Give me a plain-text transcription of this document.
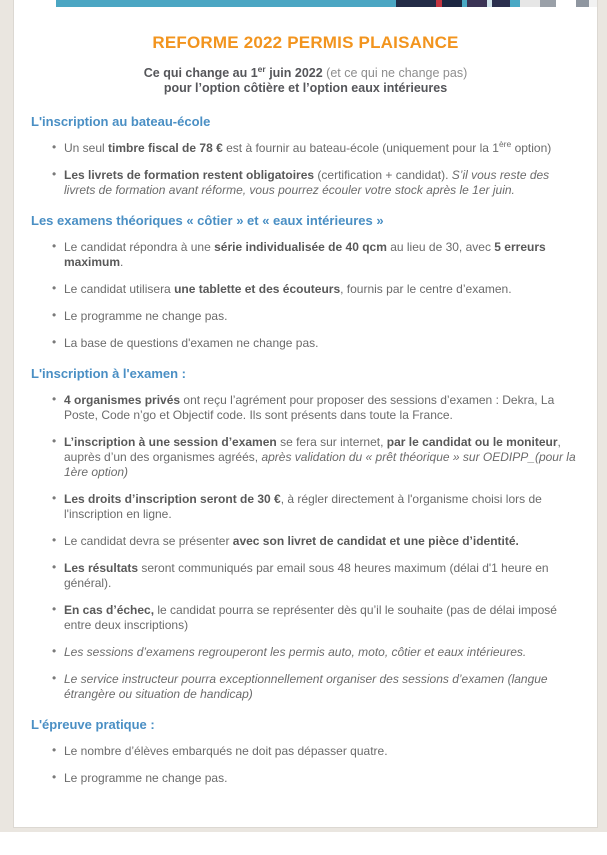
REFORME 2022 PERMIS PLAISANCE

Ce qui change au 1er juin 2022 (et ce qui ne change pas)

pour l’option côtière et l’option eaux intérieures

L'inscription au bateau-école
• Un seul timbre fiscal de 78 € est à fournir au bateau-école (uniquement pour la 1ère option)
• Les livrets de formation restent obligatoires (certification + candidat). S’il vous reste des livrets de formation avant réforme, vous pourrez écouler votre stock après le 1er juin.
Les examens théoriques « côtier » et « eaux intérieures »
• Le candidat répondra à une série individualisée de 40 qcm au lieu de 30, avec 5 erreurs maximum.
• Le candidat utilisera une tablette et des écouteurs, fournis par le centre d’examen.
• Le programme ne change pas.
• La base de questions d'examen ne change pas.
L'inscription à l'examen :
• 4 organismes privés ont reçu l’agrément pour proposer des sessions d’examen : Dekra, La Poste, Code n’go et Objectif code. Ils sont présents dans toute la France.
• L’inscription à une session d’examen se fera sur internet, par le candidat ou le moniteur, auprès d’un des organismes agréés, après validation du « prêt théorique » sur OEDIPP_(pour la 1ère option)
• Les droits d’inscription seront de 30 €, à régler directement à l'organisme choisi lors de l'inscription en ligne.
• Le candidat devra se présenter avec son livret de candidat et une pièce d’identité.
• Les résultats seront communiqués par email sous 48 heures maximum (délai d'1 heure en général).
• En cas d’échec, le candidat pourra se représenter dès qu’il le souhaite (pas de délai imposé entre deux inscriptions)
• Les sessions d’examens regrouperont les permis auto, moto, côtier et eaux intérieures.
• Le service instructeur pourra exceptionnellement organiser des sessions d’examen (langue étrangère ou situation de handicap)
L'épreuve pratique :
• Le nombre d’élèves embarqués ne doit pas dépasser quatre.
• Le programme ne change pas.
